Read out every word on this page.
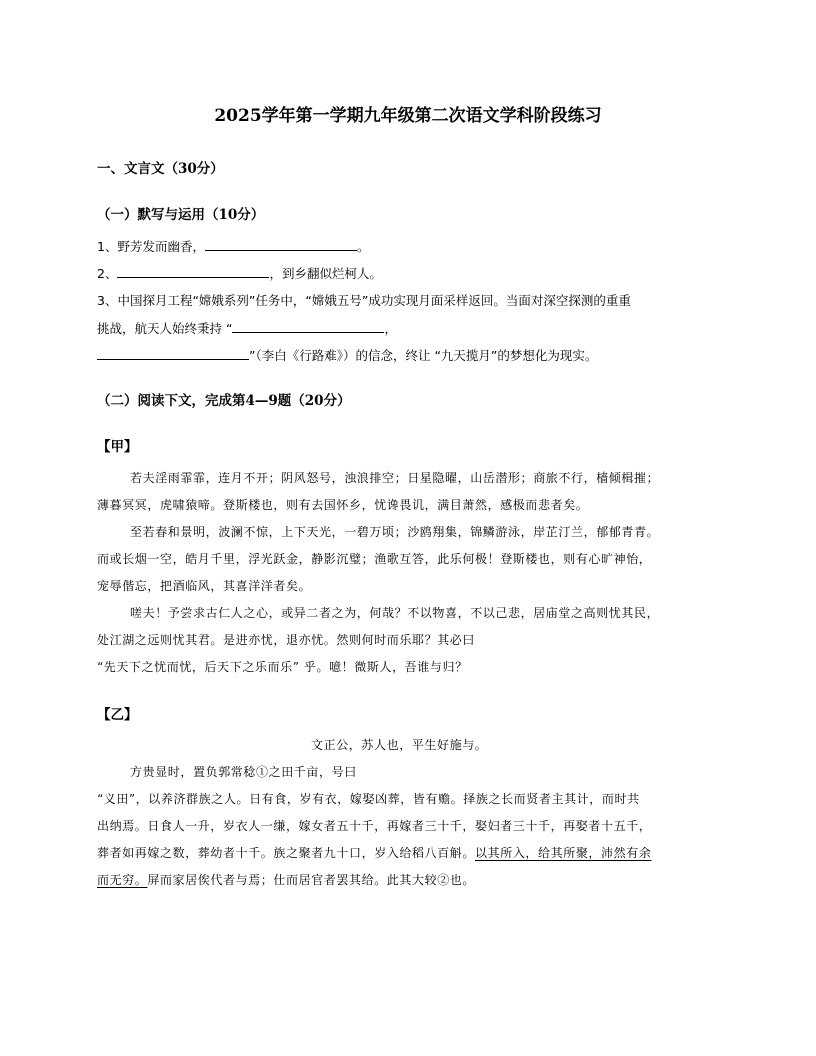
2025学年第一学期九年级第二次语文学科阶段练习
一、文言文（30分）
（一）默写与运用（10分）
1、野芳发而幽香，	。
2、	，到乡翻似烂柯人。
3、中国探月工程“嫦娥系列”任务中，“嫦娥五号”成功实现月面采样返回。当面对深空探测的重重
挑战，航天人始终秉持 “	，
”（李白《行路难》）的信念，终让 “九天揽月”的梦想化为现实。
（二）阅读下文，完成第4—9题（20分）
【甲】
若夫淫雨霏霏，连月不开；阴风怒号，浊浪排空；日星隐曜，山岳潜形；商旅不行，樯倾楫摧；
薄暮冥冥，虎啸猿啼。登斯楼也，则有去国怀乡，忧谗畏讥，满目萧然，感极而悲者矣。
至若春和景明，波澜不惊，上下天光，一碧万顷；沙鸥翔集，锦鳞游泳，岸芷汀兰，郁郁青青。
而或长烟一空，皓月千里，浮光跃金，静影沉璧；渔歌互答，此乐何极！登斯楼也，则有心旷神怡，
宠辱偕忘，把酒临风，其喜洋洋者矣。
嗟夫！予尝求古仁人之心，或异二者之为，何哉？不以物喜，不以己悲，居庙堂之高则忧其民，
处江湖之远则忧其君。是进亦忧，退亦忧。然则何时而乐耶？其必曰
“先天下之忧而忧，后天下之乐而乐” 乎。噫！微斯人，吾谁与归？
【乙】
文正公，苏人也，平生好施与。
方贵显时，置负郭常稔①之田千亩，号曰
“义田”，以养济群族之人。日有食，岁有衣，嫁娶凶葬，皆有赡。择族之长而贤者主其计，而时共
出纳焉。日食人一升，岁衣人一缣，嫁女者五十千，再嫁者三十千，娶妇者三十千，再娶者十五千，
葬者如再嫁之数，葬幼者十千。族之聚者九十口，岁入给稻八百斛。以其所入，给其所聚，沛然有余
而无穷。屏而家居俟代者与焉；仕而居官者罢其给。此其大较②也。
